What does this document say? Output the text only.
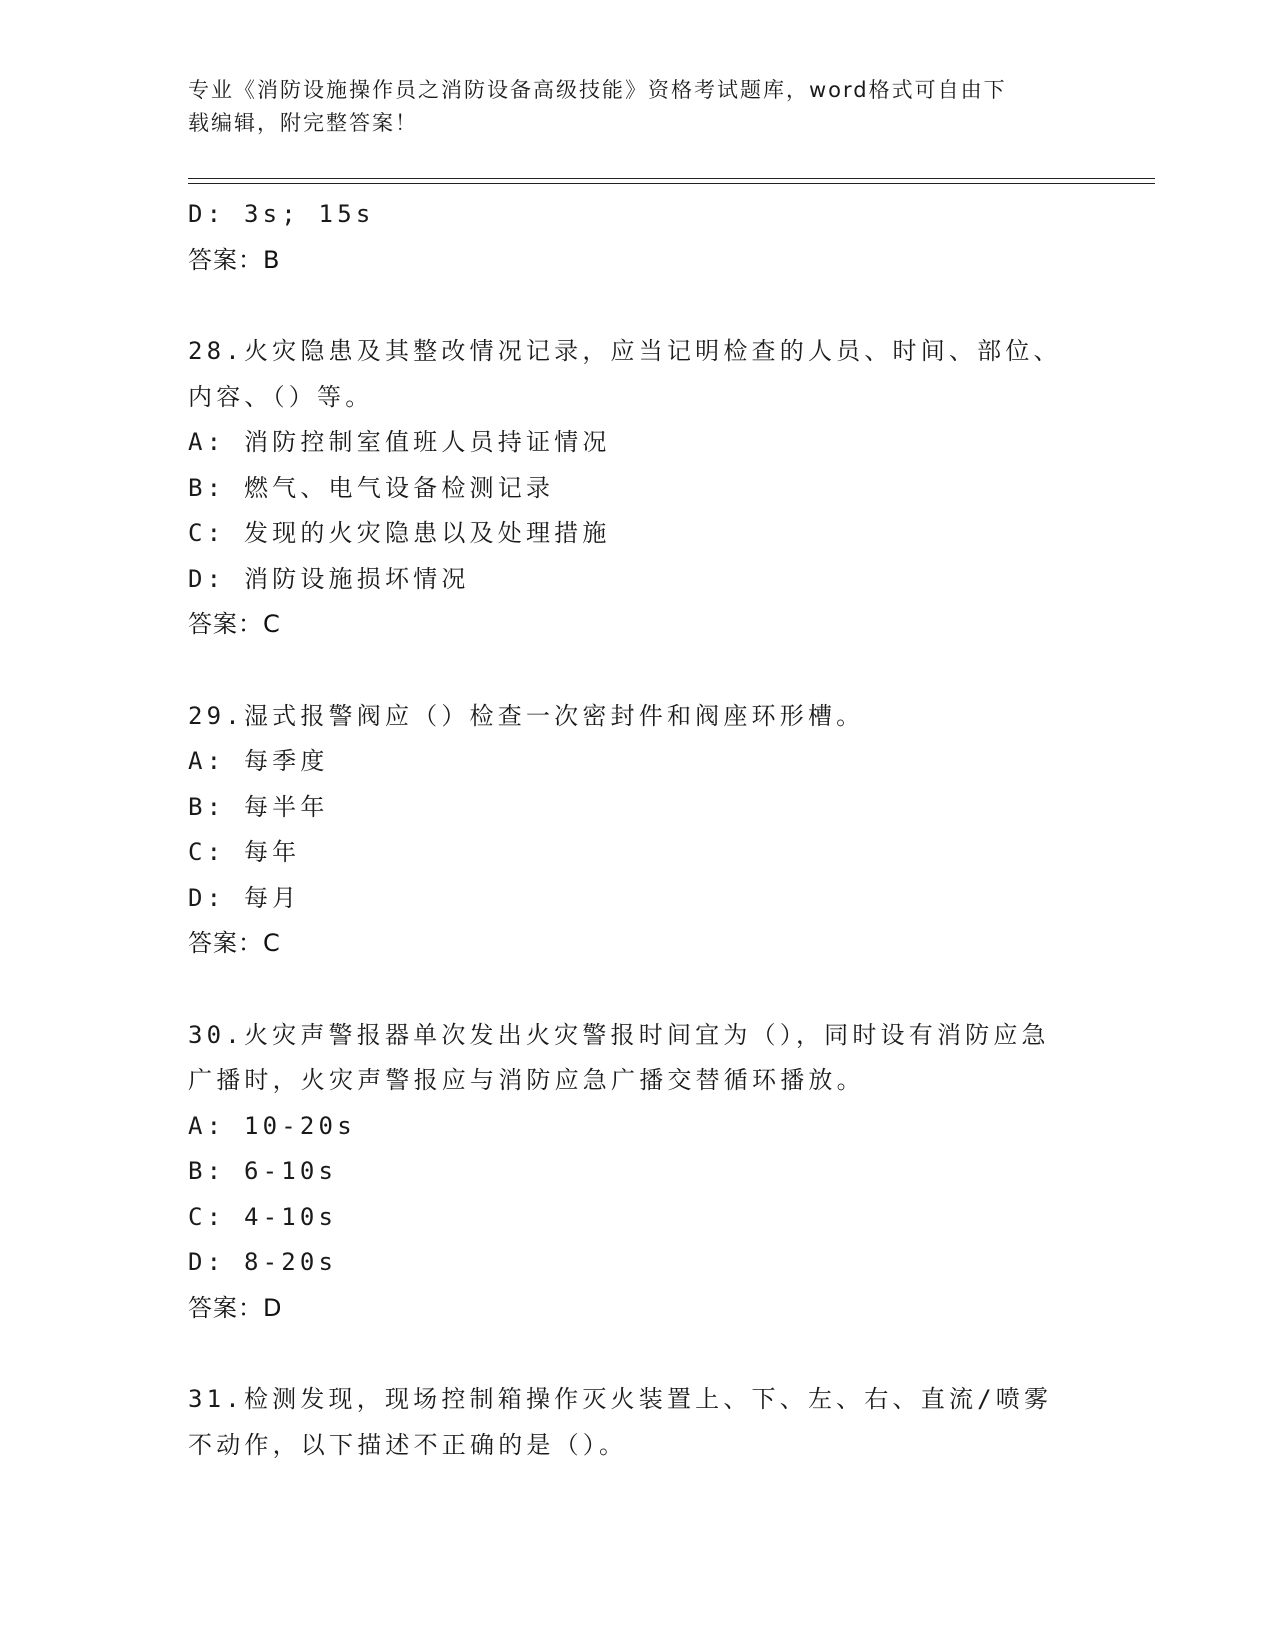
专业《消防设施操作员之消防设备高级技能》资格考试题库，word格式可自由下
载编辑，附完整答案！
D: 3s; 15s
答案：B
28.火灾隐患及其整改情况记录，应当记明检查的人员、时间、部位、
内容、（）等。
A: 消防控制室值班人员持证情况
B: 燃气、电气设备检测记录
C: 发现的火灾隐患以及处理措施
D: 消防设施损坏情况
答案：C
29.湿式报警阀应（）检查一次密封件和阀座环形槽。
A: 每季度
B: 每半年
C: 每年
D: 每月
答案：C
30.火灾声警报器单次发出火灾警报时间宜为（），同时设有消防应急
广播时，火灾声警报应与消防应急广播交替循环播放。
A: 10-20s
B: 6-10s
C: 4-10s
D: 8-20s
答案：D
31.检测发现，现场控制箱操作灭火装置上、下、左、右、直流/喷雾
不动作，以下描述不正确的是（）。
